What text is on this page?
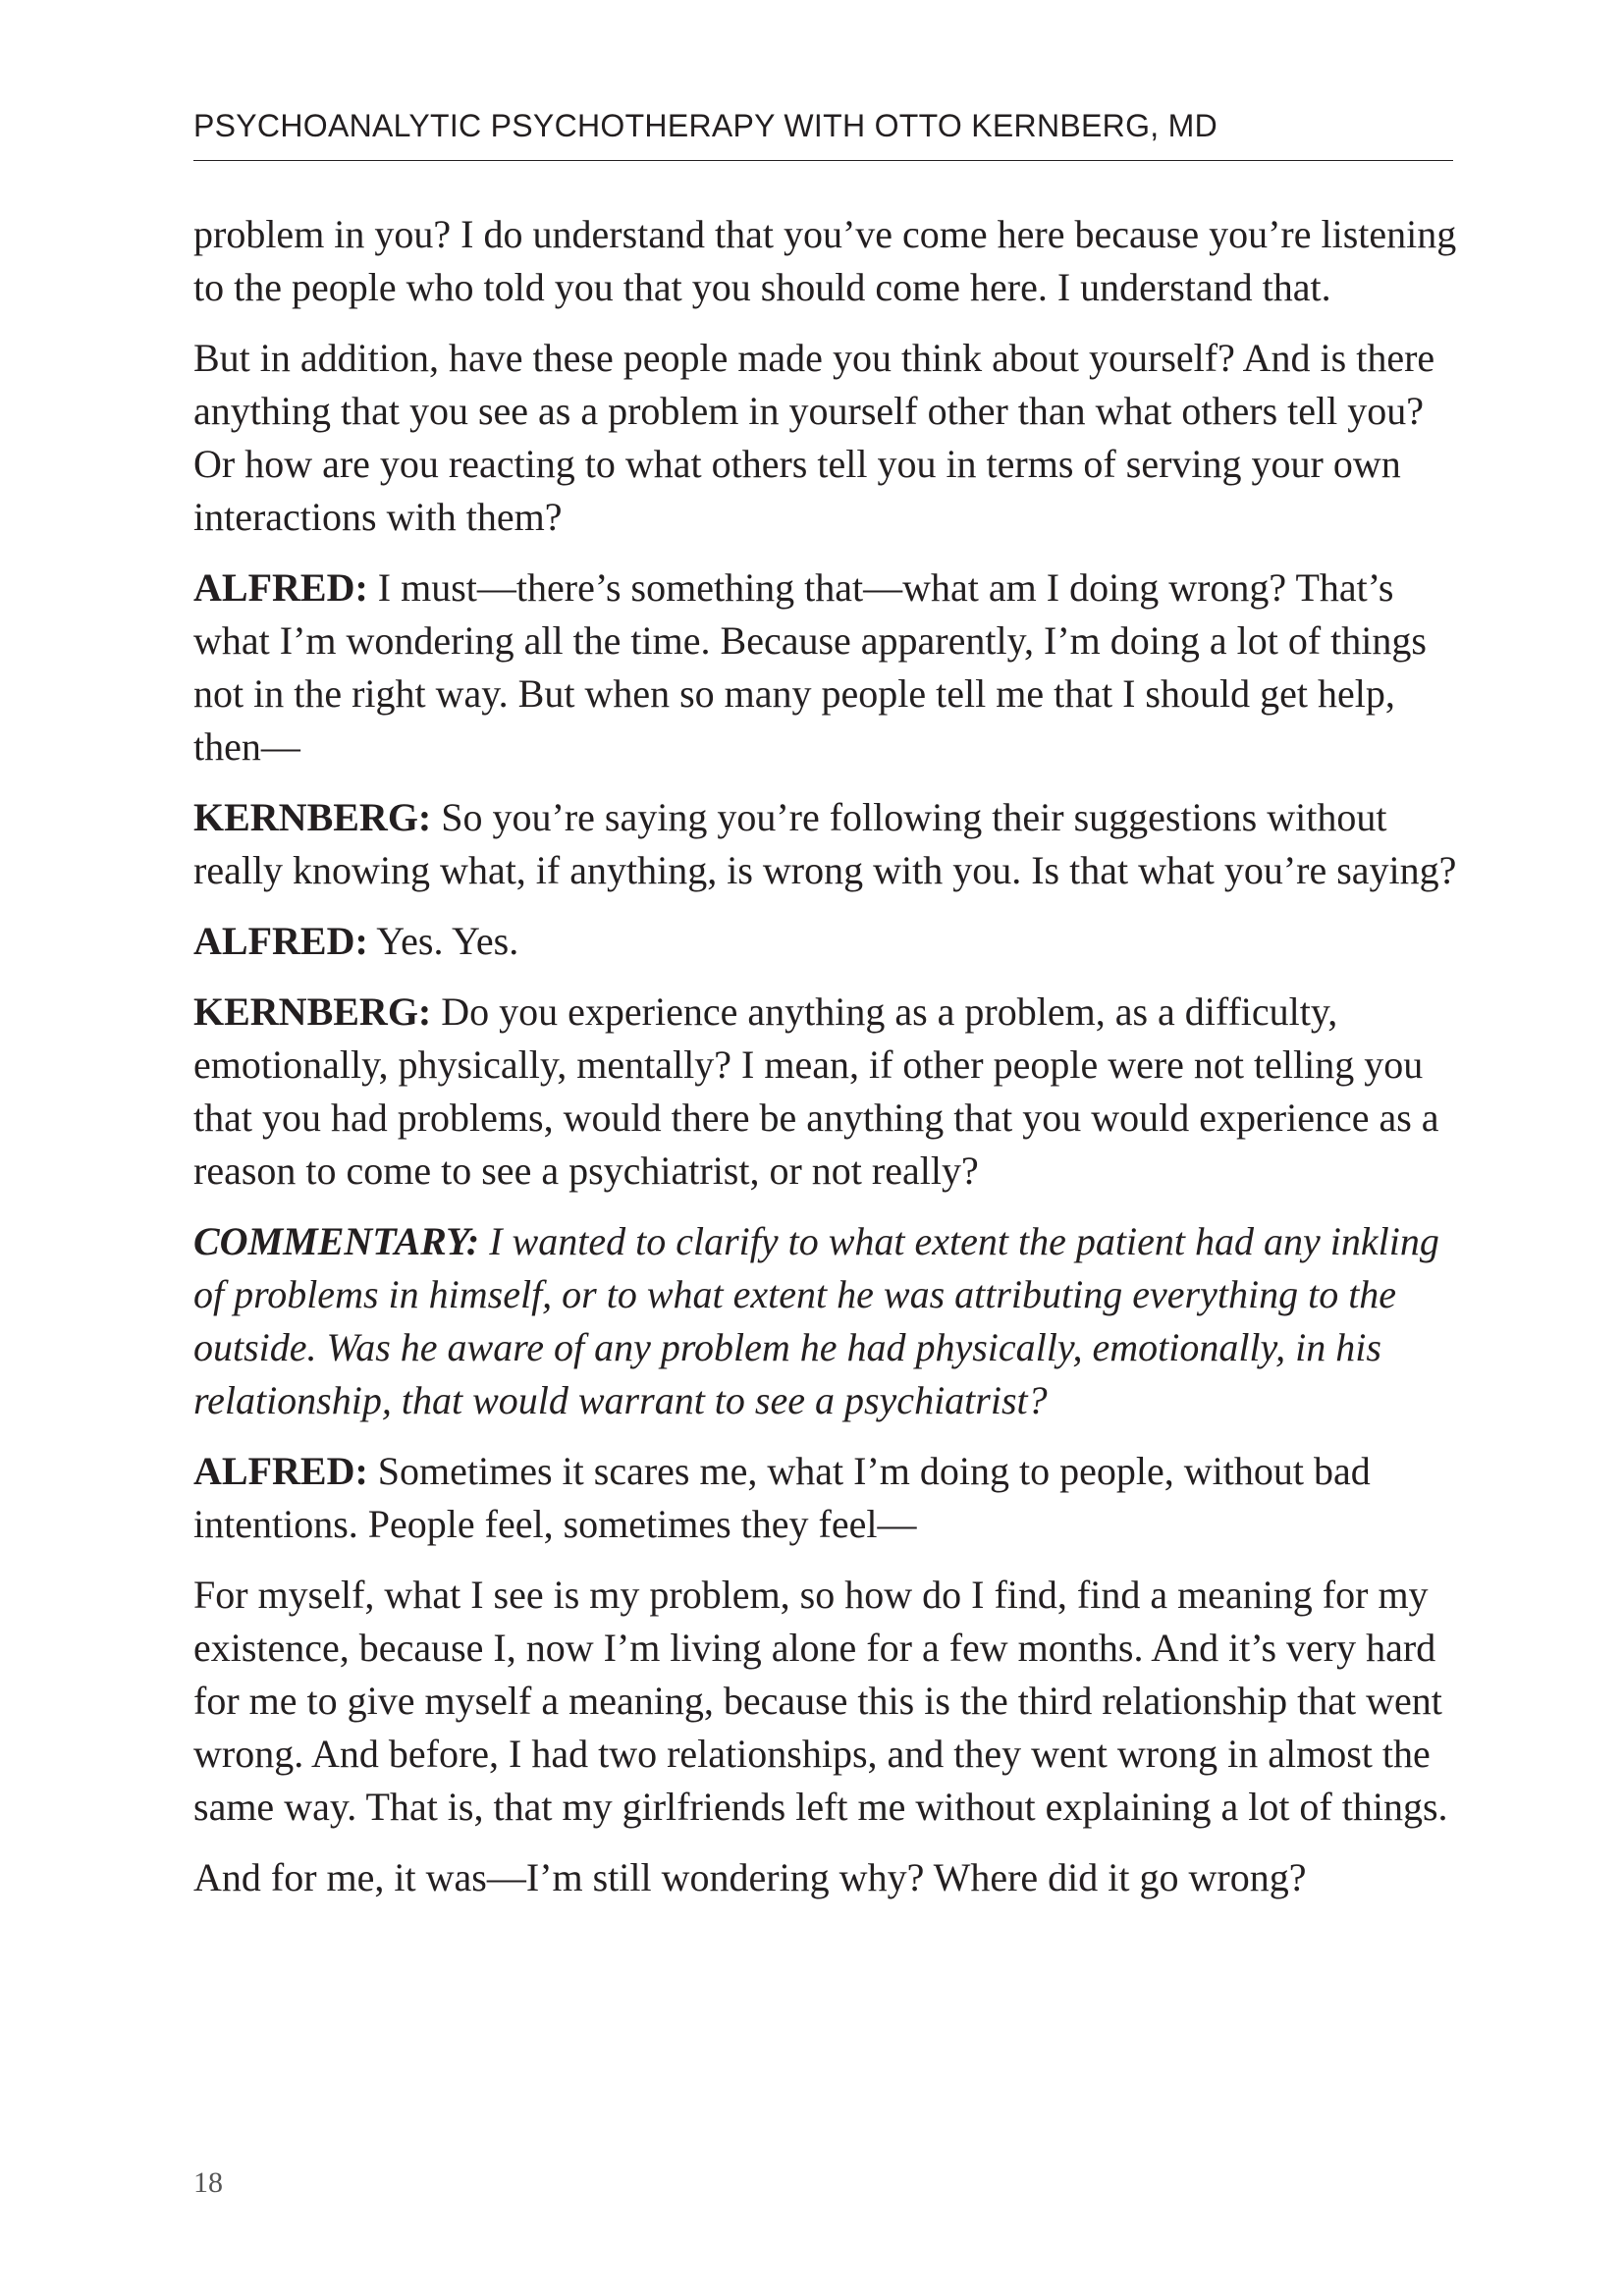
PSYCHOANALYTIC PSYCHOTHERAPY WITH OTTO KERNBERG, MD

problem in you? I do understand that you’ve come here because you’re listening to the people who told you that you should come here. I understand that.

But in addition, have these people made you think about yourself? And is there anything that you see as a problem in yourself other than what others tell you? Or how are you reacting to what others tell you in terms of serving your own interactions with them?

ALFRED: I must—there’s something that—what am I doing wrong? That’s what I’m wondering all the time. Because apparently, I’m doing a lot of things not in the right way. But when so many people tell me that I should get help, then—

KERNBERG: So you’re saying you’re following their suggestions without really knowing what, if anything, is wrong with you. Is that what you’re saying?

ALFRED: Yes. Yes.

KERNBERG: Do you experience anything as a problem, as a difficulty, emotionally, physically, mentally? I mean, if other people were not telling you that you had problems, would there be anything that you would experience as a reason to come to see a psychiatrist, or not really?

COMMENTARY: I wanted to clarify to what extent the patient had any inkling of problems in himself, or to what extent he was attributing everything to the outside. Was he aware of any problem he had physically, emotionally, in his relationship, that would warrant to see a psychiatrist?

ALFRED: Sometimes it scares me, what I’m doing to people, without bad intentions. People feel, sometimes they feel—

For myself, what I see is my problem, so how do I find, find a meaning for my existence, because I, now I’m living alone for a few months. And it’s very hard for me to give myself a meaning, because this is the third relationship that went wrong. And before, I had two relationships, and they went wrong in almost the same way. That is, that my girlfriends left me without explaining a lot of things.

And for me, it was—I’m still wondering why? Where did it go wrong?

18
